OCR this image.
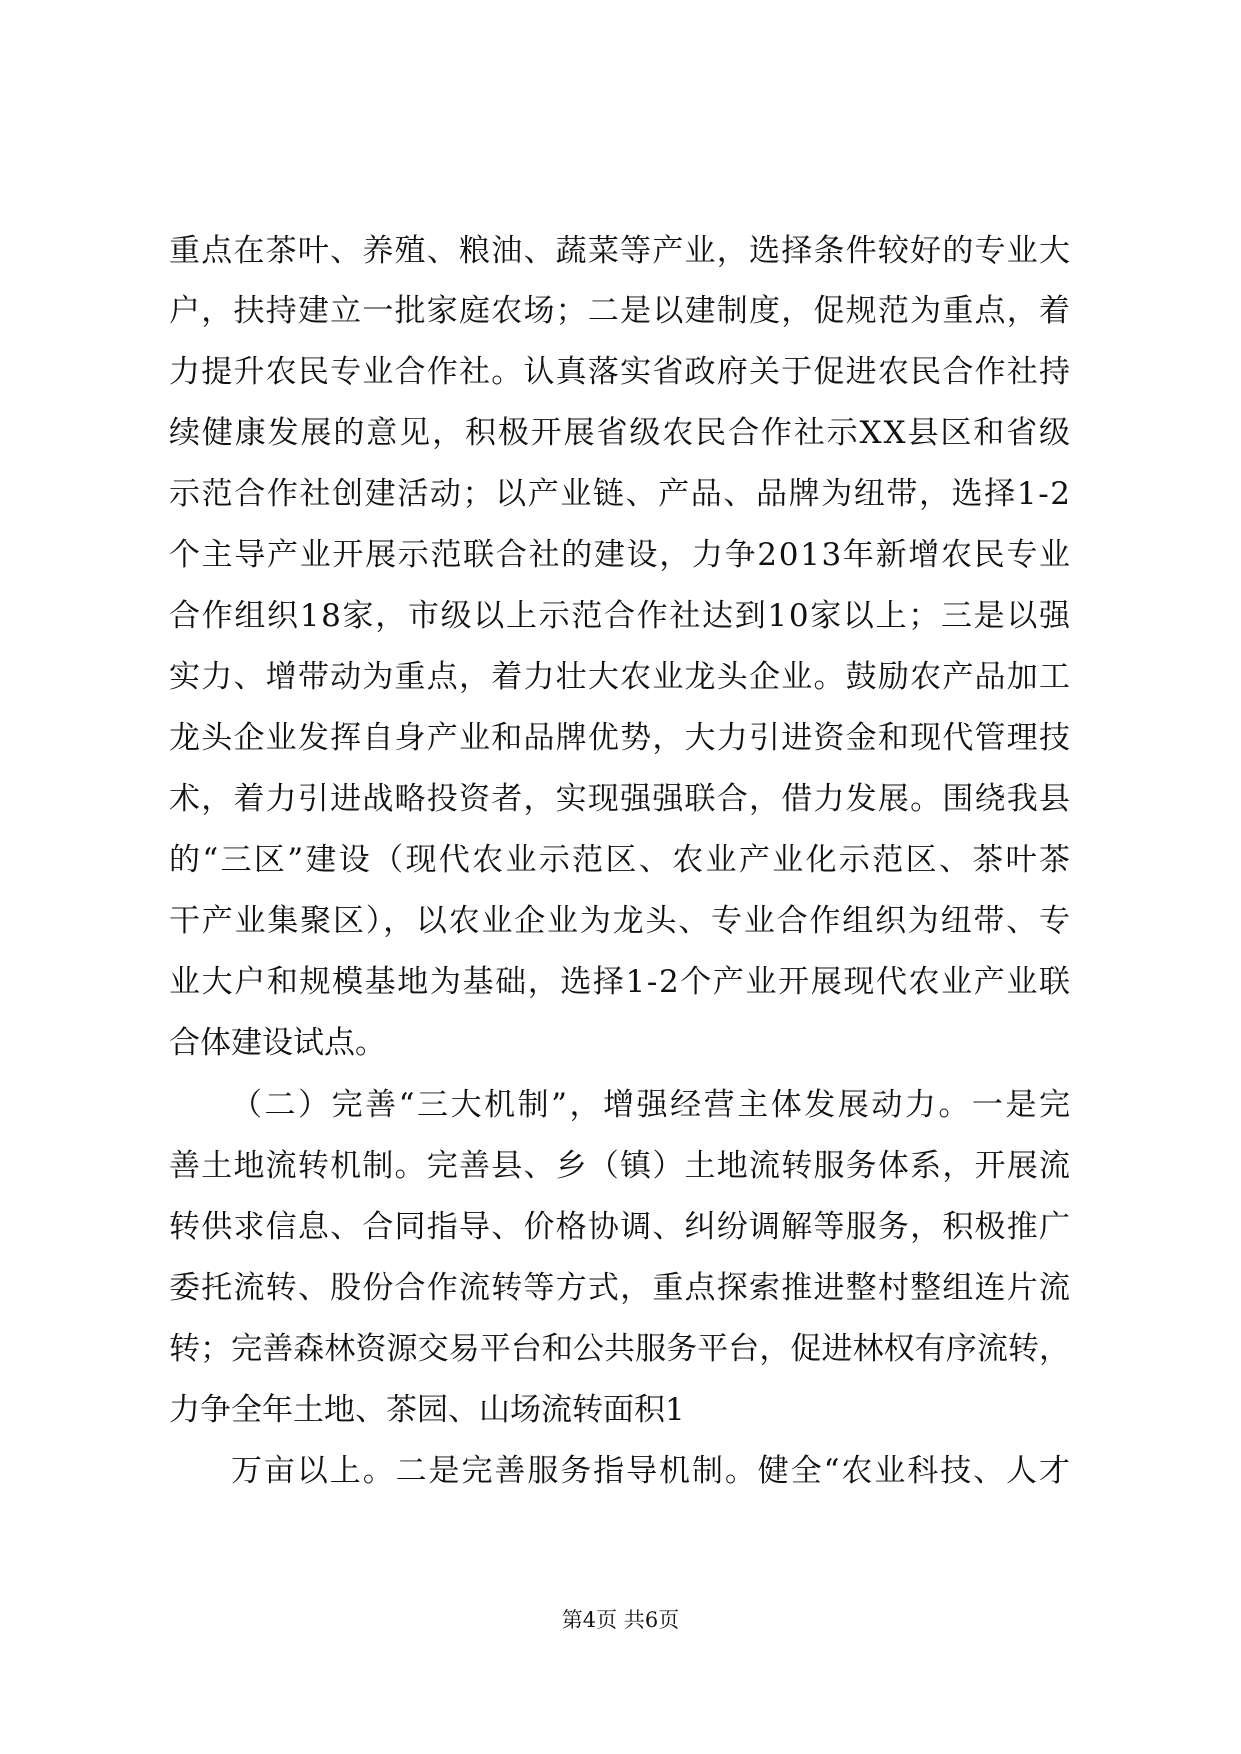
重点在茶叶、养殖、粮油、蔬菜等产业，选择条件较好的专业大
户，扶持建立一批家庭农场；二是以建制度，促规范为重点，着
力提升农民专业合作社。认真落实省政府关于促进农民合作社持
续健康发展的意见，积极开展省级农民合作社示XX县区和省级
示范合作社创建活动；以产业链、产品、品牌为纽带，选择1-2
个主导产业开展示范联合社的建设，力争2013年新增农民专业
合作组织18家，市级以上示范合作社达到10家以上；三是以强
实力、增带动为重点，着力壮大农业龙头企业。鼓励农产品加工
龙头企业发挥自身产业和品牌优势，大力引进资金和现代管理技
术，着力引进战略投资者，实现强强联合，借力发展。围绕我县
的“三区”建设（现代农业示范区、农业产业化示范区、茶叶茶
干产业集聚区），以农业企业为龙头、专业合作组织为纽带、专
业大户和规模基地为基础，选择1-2个产业开展现代农业产业联
合体建设试点。
（二）完善“三大机制”，增强经营主体发展动力。一是完
善土地流转机制。完善县、乡（镇）土地流转服务体系，开展流
转供求信息、合同指导、价格协调、纠纷调解等服务，积极推广
委托流转、股份合作流转等方式，重点探索推进整村整组连片流
转；完善森林资源交易平台和公共服务平台，促进林权有序流转，
力争全年土地、茶园、山场流转面积1
万亩以上。二是完善服务指导机制。健全“农业科技、人才
第4页 共6页
